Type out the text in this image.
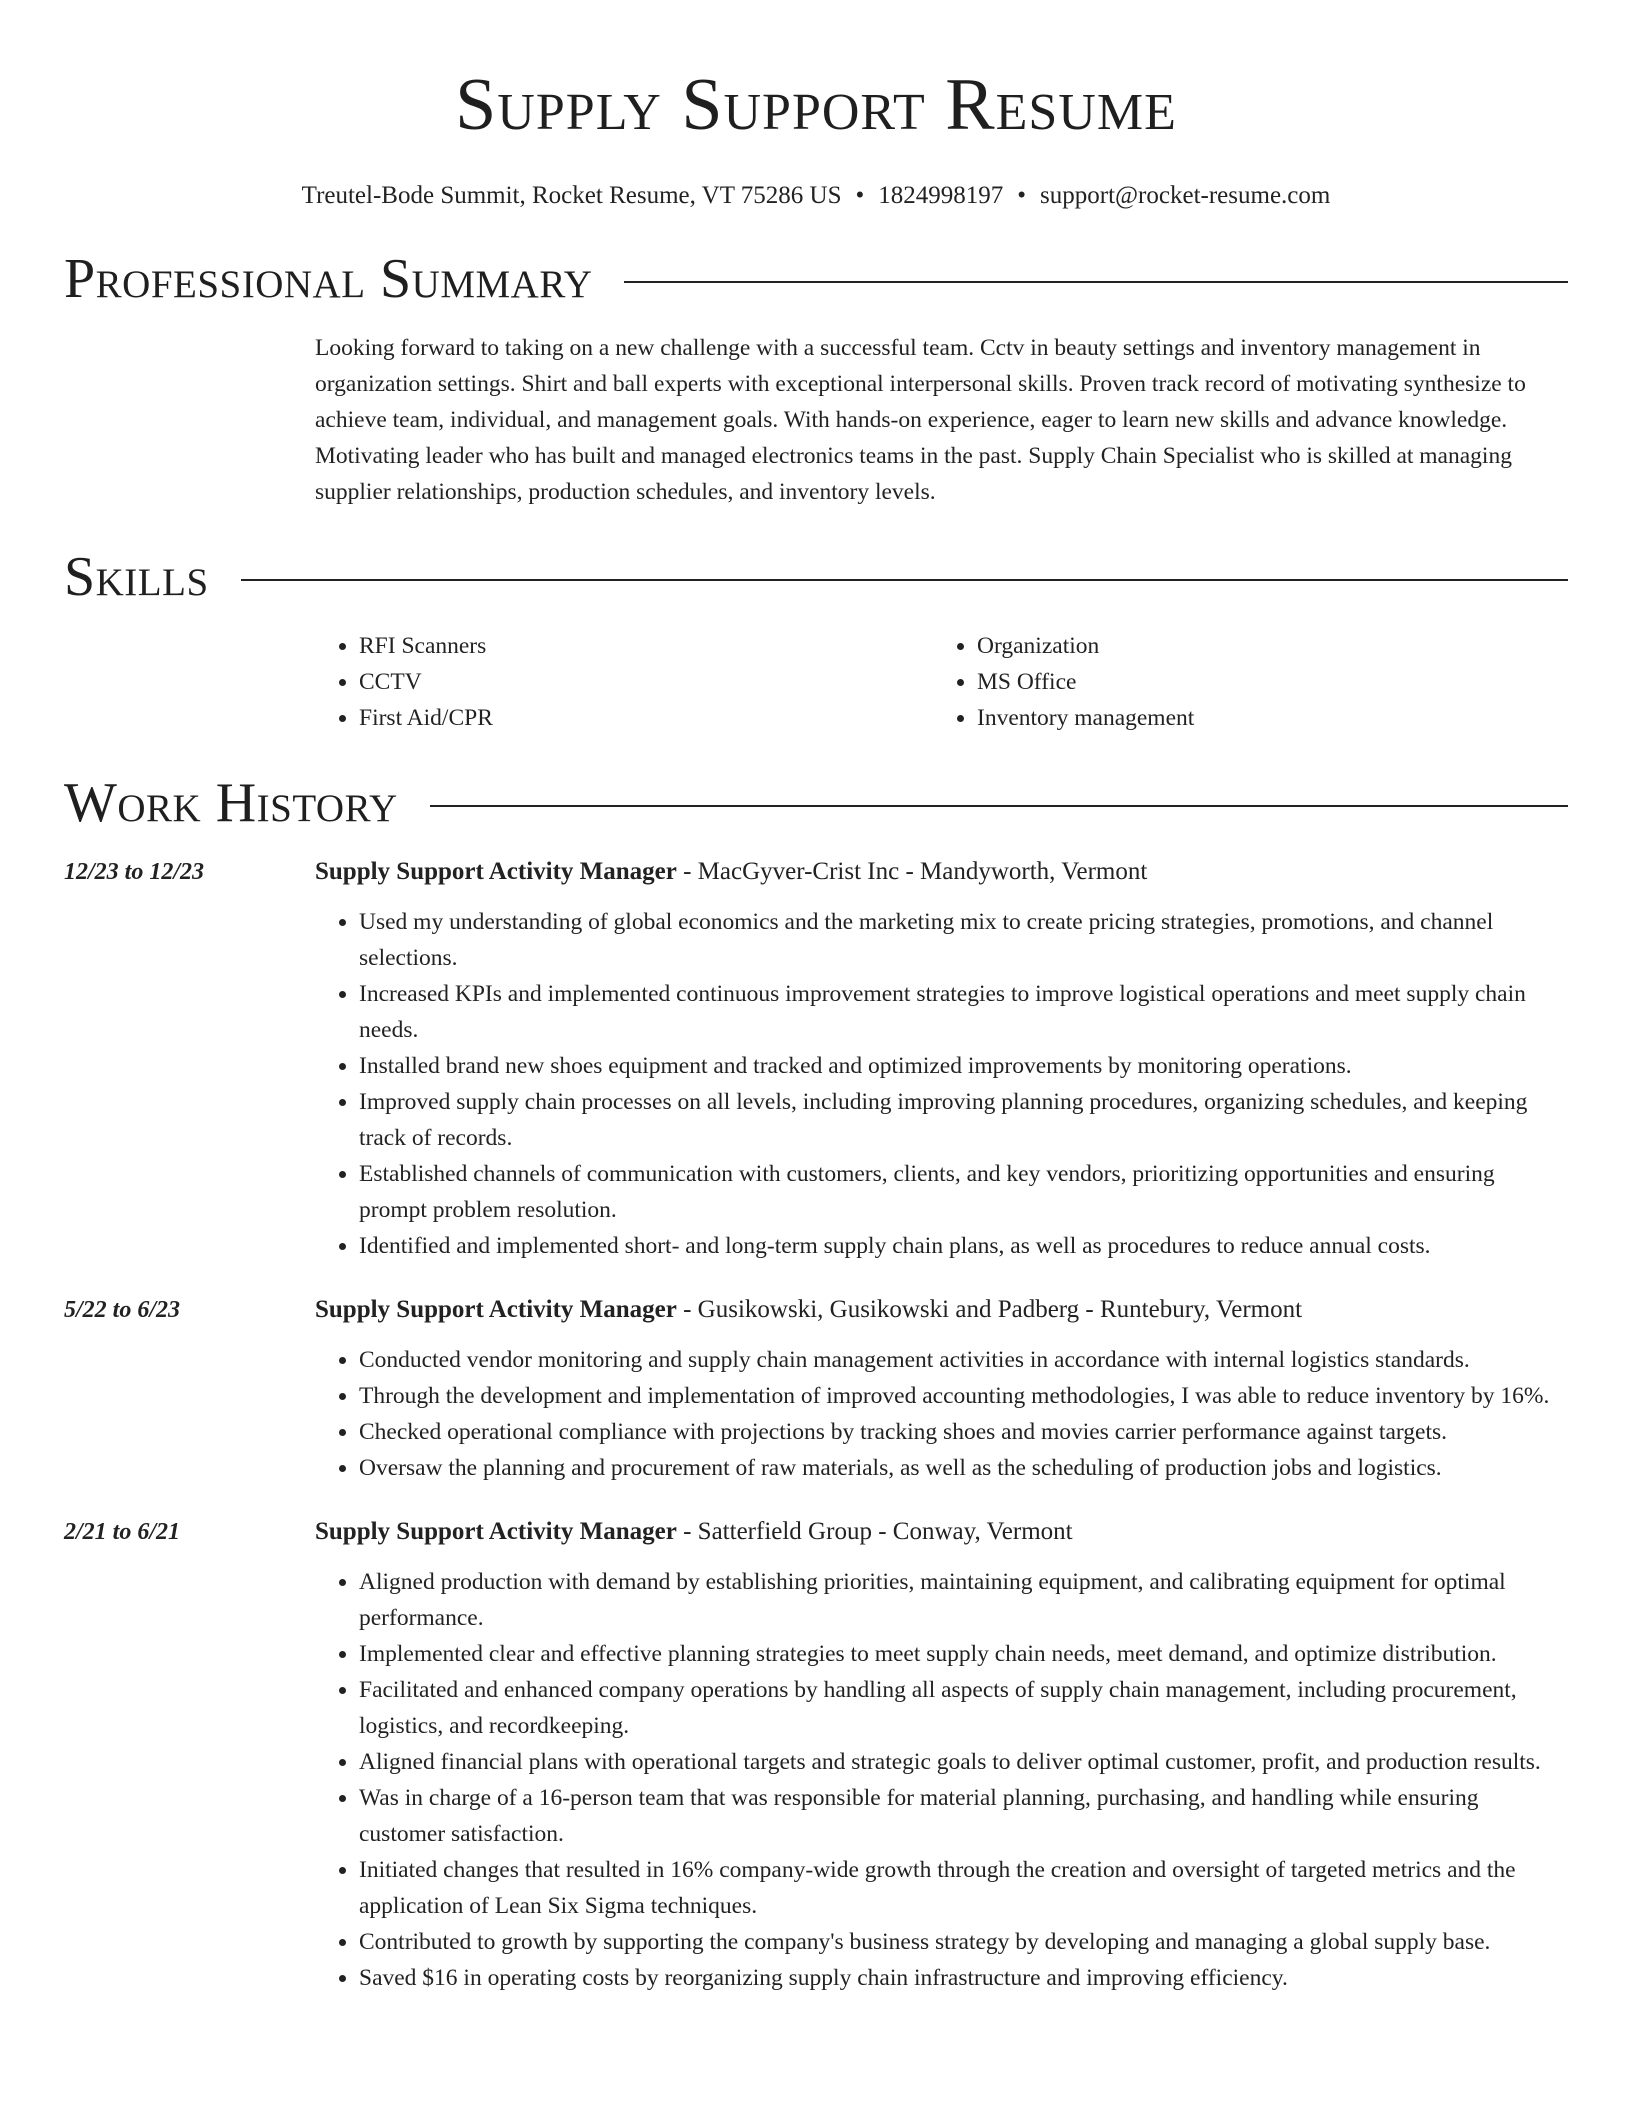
Supply Support Resume
Treutel-Bode Summit, Rocket Resume, VT 75286 US • 1824998197 • support@rocket-resume.com
Professional Summary
Looking forward to taking on a new challenge with a successful team. Cctv in beauty settings and inventory management in organization settings. Shirt and ball experts with exceptional interpersonal skills. Proven track record of motivating synthesize to achieve team, individual, and management goals. With hands-on experience, eager to learn new skills and advance knowledge. Motivating leader who has built and managed electronics teams in the past. Supply Chain Specialist who is skilled at managing supplier relationships, production schedules, and inventory levels.
Skills
• RFI Scanners
• CCTV
• First Aid/CPR
• Organization
• MS Office
• Inventory management
Work History
12/23 to 12/23	Supply Support Activity Manager - MacGyver-Crist Inc - Mandyworth, Vermont
• Used my understanding of global economics and the marketing mix to create pricing strategies, promotions, and channel selections.
• Increased KPIs and implemented continuous improvement strategies to improve logistical operations and meet supply chain needs.
• Installed brand new shoes equipment and tracked and optimized improvements by monitoring operations.
• Improved supply chain processes on all levels, including improving planning procedures, organizing schedules, and keeping track of records.
• Established channels of communication with customers, clients, and key vendors, prioritizing opportunities and ensuring prompt problem resolution.
• Identified and implemented short- and long-term supply chain plans, as well as procedures to reduce annual costs.
5/22 to 6/23	Supply Support Activity Manager - Gusikowski, Gusikowski and Padberg - Runtebury, Vermont
• Conducted vendor monitoring and supply chain management activities in accordance with internal logistics standards.
• Through the development and implementation of improved accounting methodologies, I was able to reduce inventory by 16%.
• Checked operational compliance with projections by tracking shoes and movies carrier performance against targets.
• Oversaw the planning and procurement of raw materials, as well as the scheduling of production jobs and logistics.
2/21 to 6/21	Supply Support Activity Manager - Satterfield Group - Conway, Vermont
• Aligned production with demand by establishing priorities, maintaining equipment, and calibrating equipment for optimal performance.
• Implemented clear and effective planning strategies to meet supply chain needs, meet demand, and optimize distribution.
• Facilitated and enhanced company operations by handling all aspects of supply chain management, including procurement, logistics, and recordkeeping.
• Aligned financial plans with operational targets and strategic goals to deliver optimal customer, profit, and production results.
• Was in charge of a 16-person team that was responsible for material planning, purchasing, and handling while ensuring customer satisfaction.
• Initiated changes that resulted in 16% company-wide growth through the creation and oversight of targeted metrics and the application of Lean Six Sigma techniques.
• Contributed to growth by supporting the company's business strategy by developing and managing a global supply base.
• Saved $16 in operating costs by reorganizing supply chain infrastructure and improving efficiency.
